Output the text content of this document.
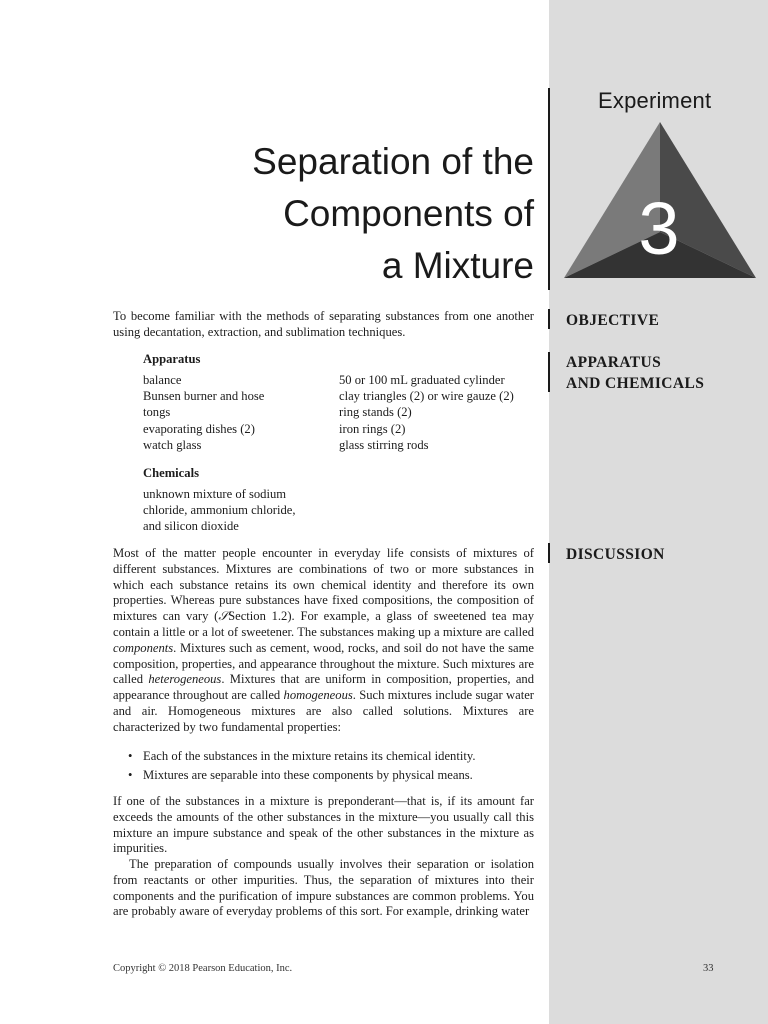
Experiment
3
Separation of the
Components of
a Mixture
OBJECTIVE
APPARATUS
AND CHEMICALS
DISCUSSION
To become familiar with the methods of separating substances from one another using decantation, extraction, and sublimation techniques.
Apparatus
balance
Bunsen burner and hose
tongs
evaporating dishes (2)
watch glass
50 or 100 mL graduated cylinder
clay triangles (2) or wire gauze (2)
ring stands (2)
iron rings (2)
glass stirring rods
Chemicals
unknown mixture of sodium
chloride, ammonium chloride,
and silicon dioxide
Most of the matter people encounter in everyday life consists of mixtures of different substances. Mixtures are combinations of two or more substances in which each substance retains its own chemical identity and therefore its own properties. Whereas pure substances have fixed compositions, the composition of mixtures can vary (𝒮Section 1.2). For example, a glass of sweetened tea may contain a little or a lot of sweetener. The substances making up a mixture are called components. Mixtures such as cement, wood, rocks, and soil do not have the same composition, properties, and appearance throughout the mixture. Such mixtures are called heterogeneous. Mixtures that are uniform in composition, properties, and appearance throughout are called homogeneous. Such mixtures include sugar water and air. Homogeneous mixtures are also called solutions. Mixtures are characterized by two fundamental properties:
• Each of the substances in the mixture retains its chemical identity.
• Mixtures are separable into these components by physical means.
If one of the substances in a mixture is preponderant—that is, if its amount far exceeds the amounts of the other substances in the mixture—you usually call this mixture an impure substance and speak of the other substances in the mixture as impurities.
The preparation of compounds usually involves their separation or isolation from reactants or other impurities. Thus, the separation of mixtures into their components and the purification of impure substances are common problems. You are probably aware of everyday problems of this sort. For example, drinking water
Copyright © 2018 Pearson Education, Inc.	33
